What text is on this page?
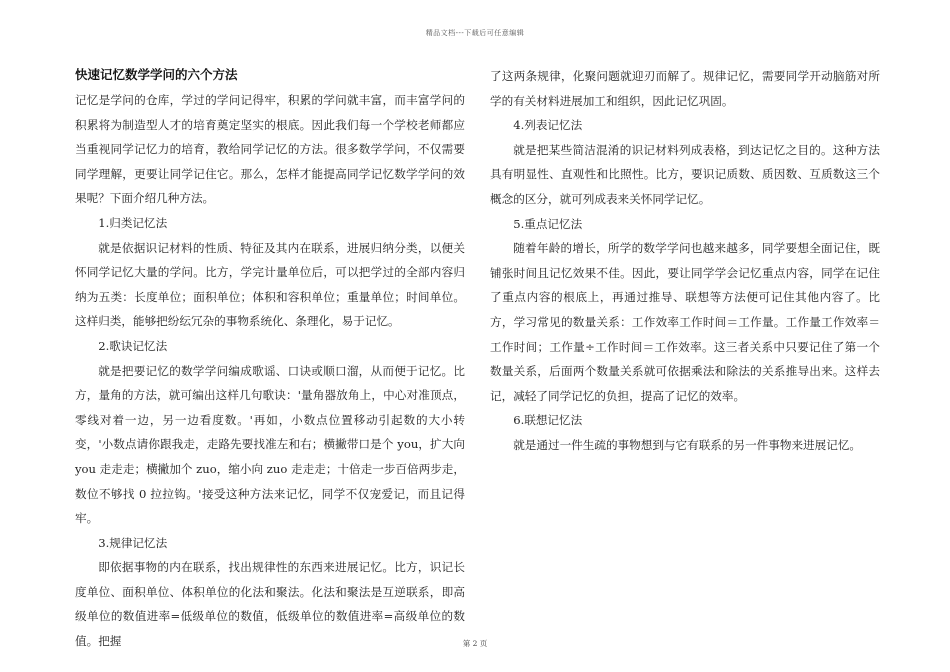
精品文档---下载后可任意编辑
快速记忆数学学问的六个方法

记忆是学问的仓库，学过的学问记得牢，积累的学问就丰富，而丰富学问的积累将为制造型人才的培育奠定坚实的根底。因此我们每一个学校老师都应当重视同学记忆力的培育，教给同学记忆的方法。很多数学学问，不仅需要同学理解，更要让同学记住它。那么，怎样才能提高同学记忆数学学问的效果呢？下面介绍几种方法。

1.归类记忆法

就是依据识记材料的性质、特征及其内在联系，进展归纳分类，以便关怀同学记忆大量的学问。比方，学完计量单位后，可以把学过的全部内容归纳为五类：长度单位；面积单位；体积和容积单位；重量单位；时间单位。这样归类，能够把纷纭冗杂的事物系统化、条理化，易于记忆。

2.歌诀记忆法

就是把要记忆的数学学问编成歌谣、口诀或顺口溜，从而便于记忆。比方，量角的方法，就可编出这样几句歌诀：'量角器放角上，中心对准顶点，零线对着一边，另一边看度数。'再如，小数点位置移动引起数的大小转变，'小数点请你跟我走，走路先要找准左和右；横撇带口是个 you，扩大向 you 走走走；横撇加个 zuo，缩小向 zuo 走走走；十倍走一步百倍两步走，数位不够找 0 拉拉钩。'接受这种方法来记忆，同学不仅宠爱记，而且记得牢。

3.规律记忆法

即依据事物的内在联系，找出规律性的东西来进展记忆。比方，识记长度单位、面积单位、体积单位的化法和聚法。化法和聚法是互逆联系，即高级单位的数值进率=低级单位的数值，低级单位的数值进率=高级单位的数值。把握

了这两条规律，化聚问题就迎刃而解了。规律记忆，需要同学开动脑筋对所学的有关材料进展加工和组织，因此记忆巩固。

4.列表记忆法

就是把某些简洁混淆的识记材料列成表格，到达记忆之目的。这种方法具有明显性、直观性和比照性。比方，要识记质数、质因数、互质数这三个概念的区分，就可列成表来关怀同学记忆。

5.重点记忆法

随着年龄的增长，所学的数学学问也越来越多，同学要想全面记住，既铺张时间且记忆效果不佳。因此，要让同学学会记忆重点内容，同学在记住了重点内容的根底上，再通过推导、联想等方法便可记住其他内容了。比方，学习常见的数量关系：工作效率工作时间＝工作量。工作量工作效率＝工作时间；工作量÷工作时间＝工作效率。这三者关系中只要记住了第一个数量关系，后面两个数量关系就可依据乘法和除法的关系推导出来。这样去记，减轻了同学记忆的负担，提高了记忆的效率。

6.联想记忆法

就是通过一件生疏的事物想到与它有联系的另一件事物来进展记忆。

第 2 页
